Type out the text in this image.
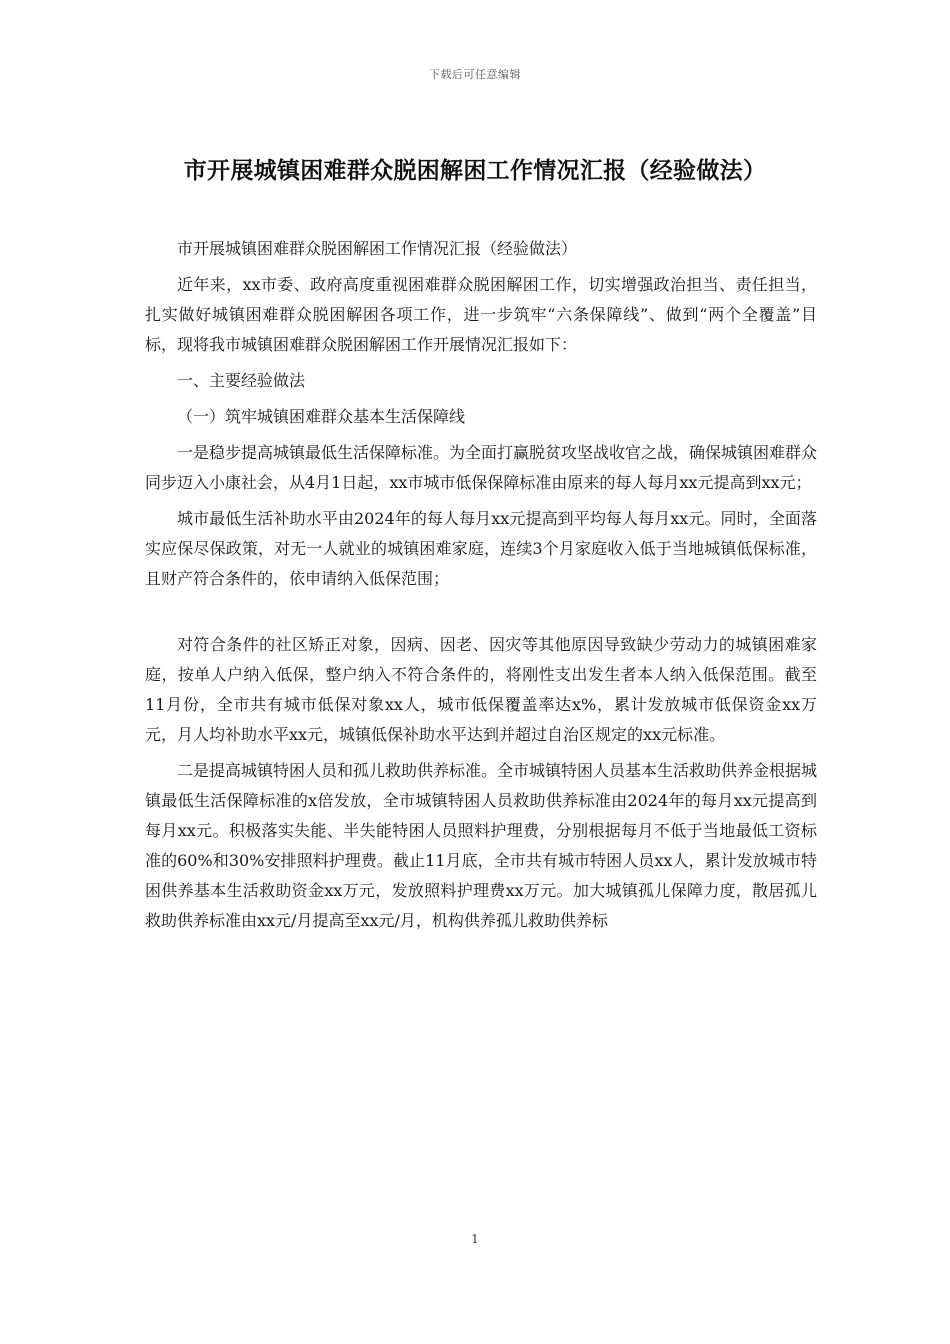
下载后可任意编辑
市开展城镇困难群众脱困解困工作情况汇报（经验做法）

市开展城镇困难群众脱困解困工作情况汇报（经验做法）

近年来，xx市委、政府高度重视困难群众脱困解困工作，切实增强政治担当、责任担当，扎实做好城镇困难群众脱困解困各项工作，进一步筑牢“六条保障线”、做到“两个全覆盖”目标，现将我市城镇困难群众脱困解困工作开展情况汇报如下：

一、主要经验做法

（一）筑牢城镇困难群众基本生活保障线

一是稳步提高城镇最低生活保障标准。为全面打赢脱贫攻坚战收官之战，确保城镇困难群众同步迈入小康社会，从4月1日起，xx市城市低保保障标准由原来的每人每月xx元提高到xx元；

城市最低生活补助水平由2024年的每人每月xx元提高到平均每人每月xx元。同时，全面落实应保尽保政策，对无一人就业的城镇困难家庭，连续3个月家庭收入低于当地城镇低保标准，且财产符合条件的，依申请纳入低保范围；

对符合条件的社区矫正对象，因病、因老、因灾等其他原因导致缺少劳动力的城镇困难家庭，按单人户纳入低保，整户纳入不符合条件的，将刚性支出发生者本人纳入低保范围。截至11月份，全市共有城市低保对象xx人，城市低保覆盖率达x%，累计发放城市低保资金xx万元，月人均补助水平xx元，城镇低保补助水平达到并超过自治区规定的xx元标准。

二是提高城镇特困人员和孤儿救助供养标准。全市城镇特困人员基本生活救助供养金根据城镇最低生活保障标准的x倍发放，全市城镇特困人员救助供养标准由2024年的每月xx元提高到每月xx元。积极落实失能、半失能特困人员照料护理费，分别根据每月不低于当地最低工资标准的60%和30%安排照料护理费。截止11月底，全市共有城市特困人员xx人，累计发放城市特困供养基本生活救助资金xx万元，发放照料护理费xx万元。加大城镇孤儿保障力度，散居孤儿救助供养标准由xx元/月提高至xx元/月，机构供养孤儿救助供养标

1
